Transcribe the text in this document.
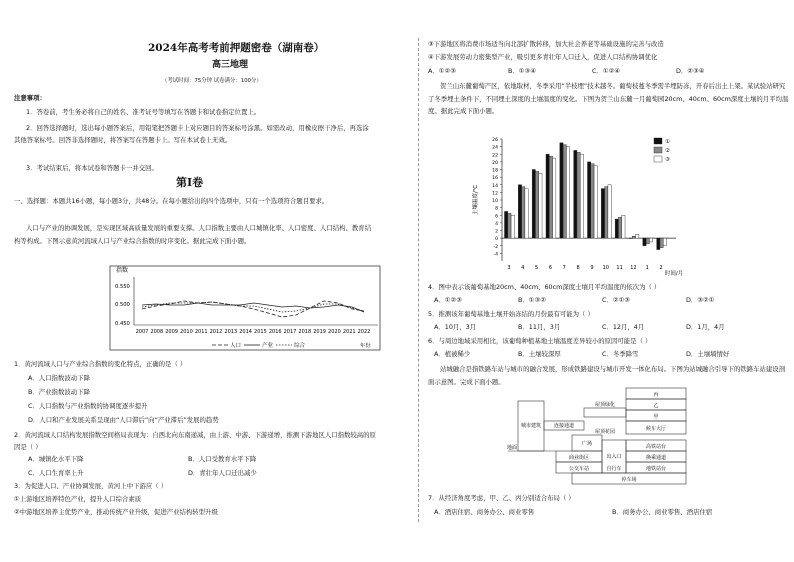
2024年高考考前押题密卷（湖南卷）
高三地理
（考试时间：75分钟 试卷满分：100分）
注意事项：
1．答卷前，考生务必将自己的姓名、准考证号等填写在答题卡和试卷指定位置上。
2．回答选择题时，选出每小题答案后，用铅笔把答题卡上对应题目的答案标号涂黑。如需改动，用橡皮擦干净后，再选涂其他答案标号。回答非选择题时，将答案写在答题卡上。写在本试卷上无效。
3．考试结束后，将本试卷和答题卡一并交回。
第Ⅰ卷
一、选择题：本题共16小题，每小题3分，共48分。在每小题给出的四个选项中，只有一个选项符合题目要求。
人口与产业的协调发展，是实现区域高质量发展的重要支撑。人口指数主要由人口城镇化率、人口密度、人口结构、教育结构等构成。下图示意黄河流域人口与产业综合指数的时序变化。据此完成下面小题。
指数
0.550
0.500
0.450
2007 2008 2009 2010 2011 2012 2013 2014 2015 2016 2017 2018 2019 2020 2021 2022
人口	产业	综合	年份
1．黄河流域人口与产业综合指数的变化特点，正确的是（ ）
A．人口指数波动下降
B．产业指数波动下降
C．人口指数与产业指数的协调度逐步提升
D．人口和产业发展关系呈现由“人口滞后”向“产业滞后”发展的趋势
2．黄河流域人口结构发展指数空间格局表现为：自西北向东南递减，由上游、中游、下游递增，推测下游地区人口指数较高的原因是（ ）
A．城镇化水平下降	B．人口受教育水平下降
C．人口生育率上升	D．青壮年人口迁出减少
3．为促进人口、产业协调发展，黄河上中下游应（ ）
①上游地区培养特色产业，提升人口综合素质
②中游地区培养主优势产业，推动传统产业升级，促进产业结构转型升级
③下游地区将消费市场适当向北部扩散转移，加大社会养老等基础设施的完善与改造
④下游发展劳动力密集型产业，吸引更多青壮年人口迁入，促进人口结构协调优化
A．①②③	B．①③④	C．①②④	D．②③④
贺兰山东麓葡萄产区，依地取材，冬季采用“半枝埋”技术越冬。葡萄枝蔓冬季需半埋防冻，开春后出土上架。某试验站研究了冬季埋土条件下，不同埋土深度的土壤温度的变化。下图为贺兰山东麓一月葡萄园20cm、40cm、60cm深度土壤的月平均温度。据此完成下面小题。
-4
-2
0
2
4
6
8
10
12
14
16
18
20
22
24
26
土壤温度/℃
3 4 5 6 7 8 9 10 11 12 1 2
时间/月
①
②
③
4．图中表示该葡萄基地20cm、40cm、60cm深度土壤月平均温度的依次为（ ）
A．①②③	B．①③②	C．②①③	D．③②①
5．推测该年葡萄基地土壤开始冻结的月份最有可能为（ ）
A．10月，3月	B．11月，3月	C．12月，4月	D．1月，4月
6．与周边地域采用相比，该葡萄种植基地土壤温度差异较小的原因可能是（ ）
A．植被稀少	B．土壤较深厚	C．冬季降雪	D．土壤墒情好
站城融合是指铁路车站与城市的融合发展，形成铁路建设与城市开发一体化布局。下图为站城融合引导下的铁路车站建设剖面示意图。完成下面小题。
丙
乙
甲
候车大厅
高铁站台
换乘通道
地铁站台
停车场
城市建筑	连接通道
屋顶绿化
屋顶花园
广场
商业街区	出入口
公交车站	自行车
地面
7．从经济角度考虑，甲、乙、丙分别适合布局（ ）
A．酒店住宿、商务办公、商业零售	B．商务办公、商业零售、酒店住宿
